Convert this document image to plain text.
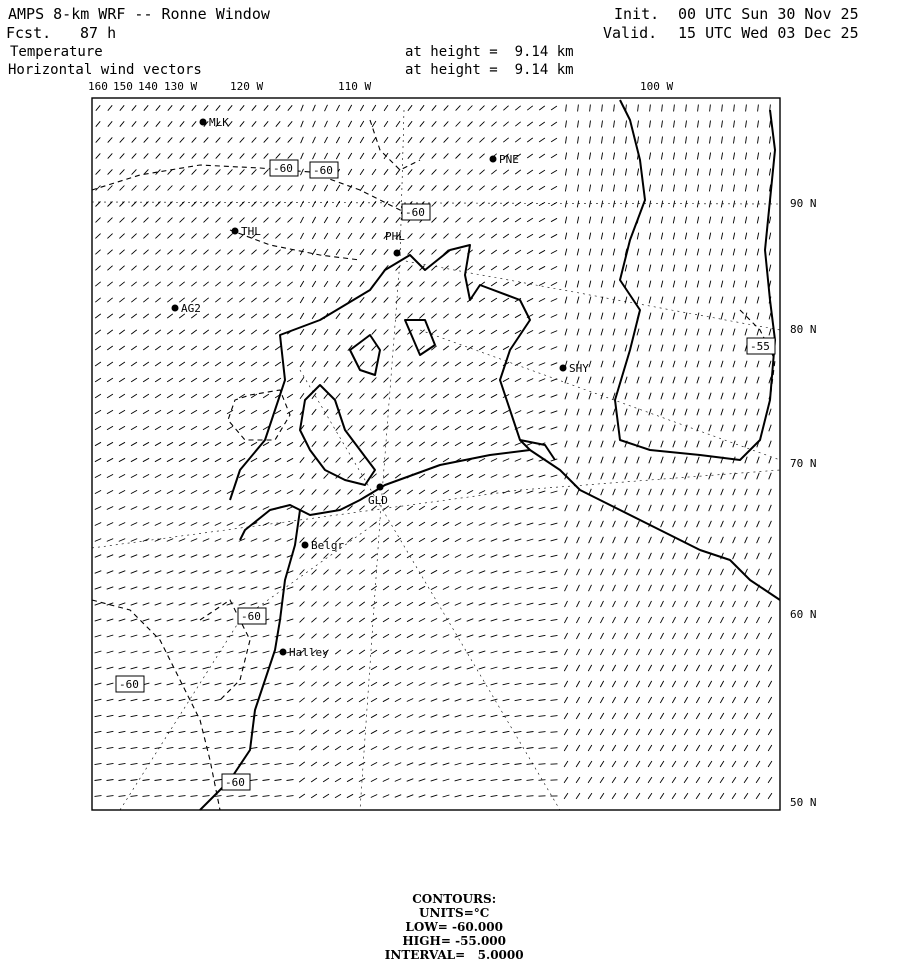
AMPS 8-km WRF -- Ronne Window
Fcst. 87 h
Temperature
Horizontal wind vectors
at height =  9.14 km
at height =  9.14 km
Init. 00 UTC Sun 30 Nov 25
Valid. 15 UTC Wed 03 Dec 25
160 150 140 130 W	120 W	110 W	100 W
90 N
80 N
70 N
60 N
50 N
MLK
PNE
THL	PHL
AG2
SHY
GLD
Belgr
Halley
-60 -60
-60
-55
-60
-60
-60

CONTOURS:
UNITS=°C
LOW= -60.000
HIGH= -55.000
INTERVAL=   5.0000
